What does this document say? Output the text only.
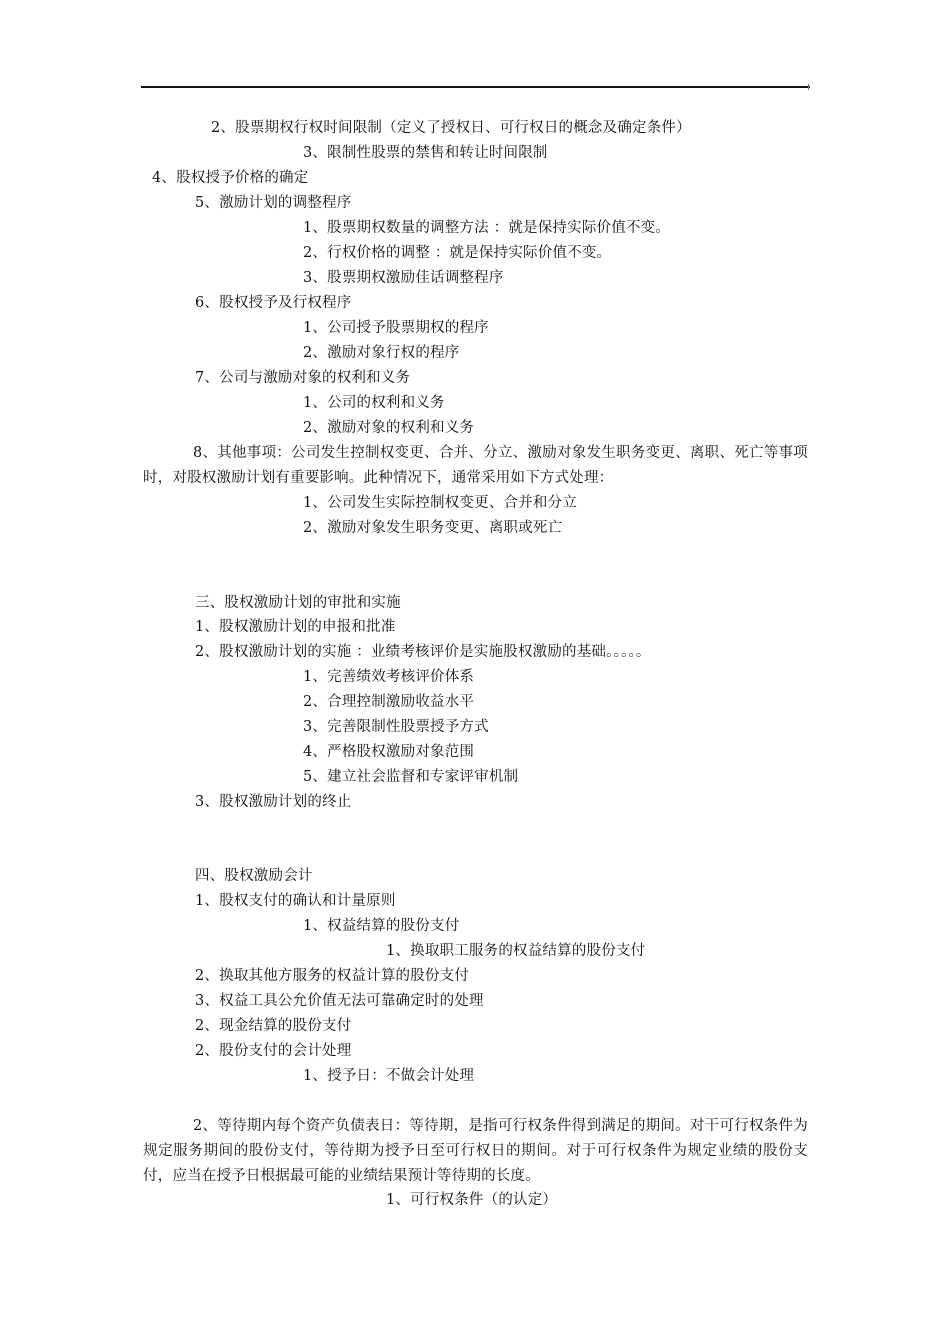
2、股票期权行权时间限制（定义了授权日、可行权日的概念及确定条件）
3、限制性股票的禁售和转让时间限制
4、股权授予价格的确定
5、激励计划的调整程序
1、股票期权数量的调整方法 ：就是保持实际价值不变。
2、行权价格的调整 ：就是保持实际价值不变。
3、股票期权激励佳话调整程序
6、股权授予及行权程序
1、公司授予股票期权的程序
2、激励对象行权的程序
7、公司与激励对象的权利和义务
1、公司的权利和义务
2、激励对象的权利和义务
8、其他事项：公司发生控制权变更、合并、分立、激励对象发生职务变更、离职、死亡等事项时，对股权激励计划有重要影响。此种情况下，通常采用如下方式处理：
1、公司发生实际控制权变更、合并和分立
2、激励对象发生职务变更、离职或死亡
三、股权激励计划的审批和实施
1、股权激励计划的申报和批准
2、股权激励计划的实施 ：业绩考核评价是实施股权激励的基础。。。。。
1、完善绩效考核评价体系
2、合理控制激励收益水平
3、完善限制性股票授予方式
4、严格股权激励对象范围
5、建立社会监督和专家评审机制
3、股权激励计划的终止
四、股权激励会计
1、股权支付的确认和计量原则
1、权益结算的股份支付
1、换取职工服务的权益结算的股份支付
2、换取其他方服务的权益计算的股份支付
3、权益工具公允价值无法可靠确定时的处理
2、现金结算的股份支付
2、股份支付的会计处理
1、授予日：不做会计处理
2、等待期内每个资产负债表日：等待期，是指可行权条件得到满足的期间。对干可行权条件为规定服务期间的股份支付，等待期为授予日至可行权日的期间。对于可行权条件为规定业绩的股份支付，应当在授予日根据最可能的业绩结果预计等待期的长度。
1、可行权条件（的认定）
